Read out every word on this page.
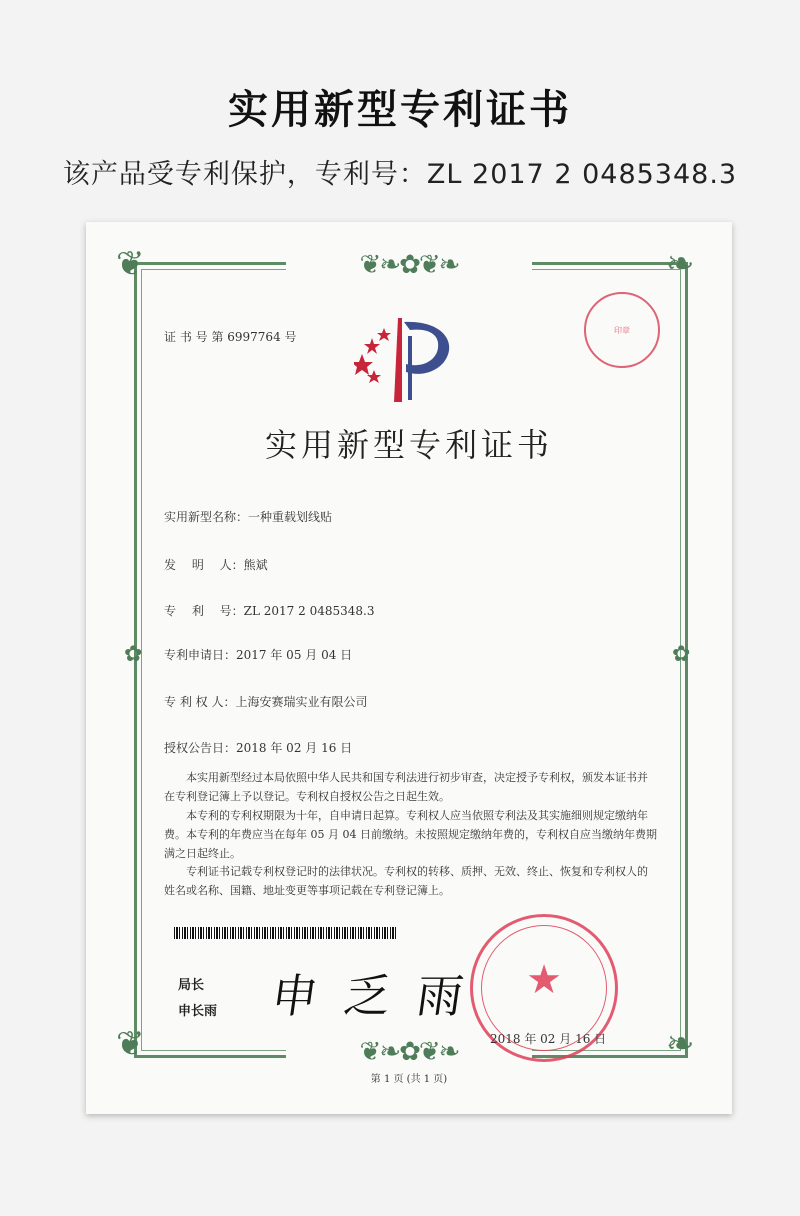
实用新型专利证书
该产品受专利保护，专利号：ZL 2017 2 0485348.3
❦❧✿❦❧
❦❧✿❦❧
❦	❧
❦	❧
✿	✿
证 书 号 第 6997764 号	印章
实用新型专利证书
实用新型名称：一种重载划线贴
发　 明 　人：熊斌
专　 利 　号：ZL 2017 2 0485348.3
专利申请日：2017 年 05 月 04 日
专 利 权 人：上海安赛瑞实业有限公司
授权公告日：2018 年 02 月 16 日
本实用新型经过本局依照中华人民共和国专利法进行初步审查，决定授予专利权，颁发本证书并在专利登记簿上予以登记。专利权自授权公告之日起生效。
本专利的专利权期限为十年，自申请日起算。专利权人应当依照专利法及其实施细则规定缴纳年费。本专利的年费应当在每年 05 月 04 日前缴纳。未按照规定缴纳年费的，专利权自应当缴纳年费期满之日起终止。
专利证书记载专利权登记时的法律状况。专利权的转移、质押、无效、终止、恢复和专利权人的姓名或名称、国籍、地址变更等事项记载在专利登记簿上。
局长
申长雨 申 乏 雨	★
2018 年 02 月 16 日
第 1 页 (共 1 页)
